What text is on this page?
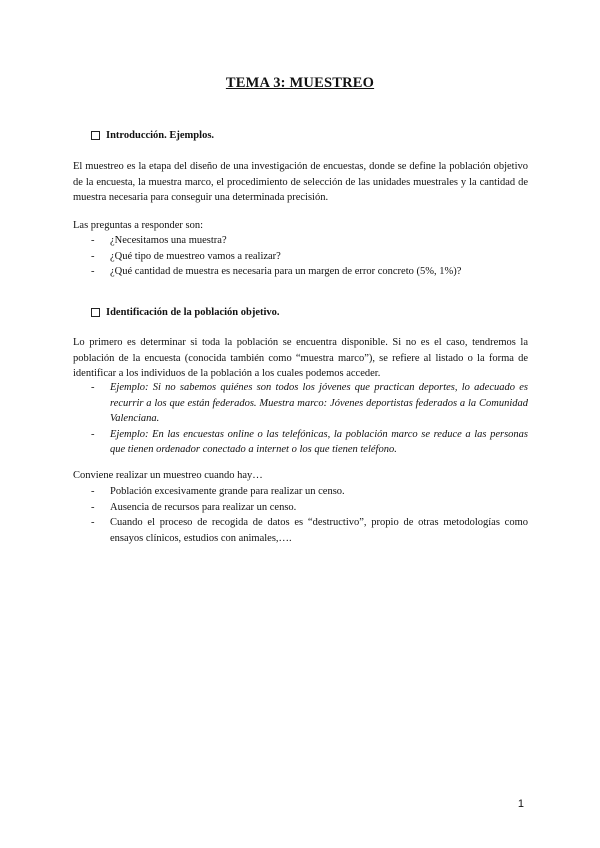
TEMA 3: MUESTREO
Introducción. Ejemplos.

El muestreo es la etapa del diseño de una investigación de encuestas, donde se define la población objetivo de la encuesta, la muestra marco, el procedimiento de selección de las unidades muestrales y la cantidad de muestra necesaria para conseguir una determinada precisión.

Las preguntas a responder son:
- ¿Necesitamos una muestra?
- ¿Qué tipo de muestreo vamos a realizar?
- ¿Qué cantidad de muestra es necesaria para un margen de error concreto (5%, 1%)?
Identificación de la población objetivo.

Lo primero es determinar si toda la población se encuentra disponible. Si no es el caso, tendremos la población de la encuesta (conocida también como “muestra marco”), se refiere al listado o la forma de identificar a los individuos de la población a los cuales podemos acceder.

- Ejemplo: Si no sabemos quiénes son todos los jóvenes que practican deportes, lo adecuado es recurrir a los que están federados. Muestra marco: Jóvenes deportistas federados a la Comunidad Valenciana.
- Ejemplo: En las encuestas online o las telefónicas, la población marco se reduce a las personas que tienen ordenador conectado a internet o los que tienen teléfono.
Conviene realizar un muestreo cuando hay…
- Población excesivamente grande para realizar un censo.
- Ausencia de recursos para realizar un censo.
- Cuando el proceso de recogida de datos es “destructivo”, propio de otras metodologías como ensayos clínicos, estudios con animales,….
1
